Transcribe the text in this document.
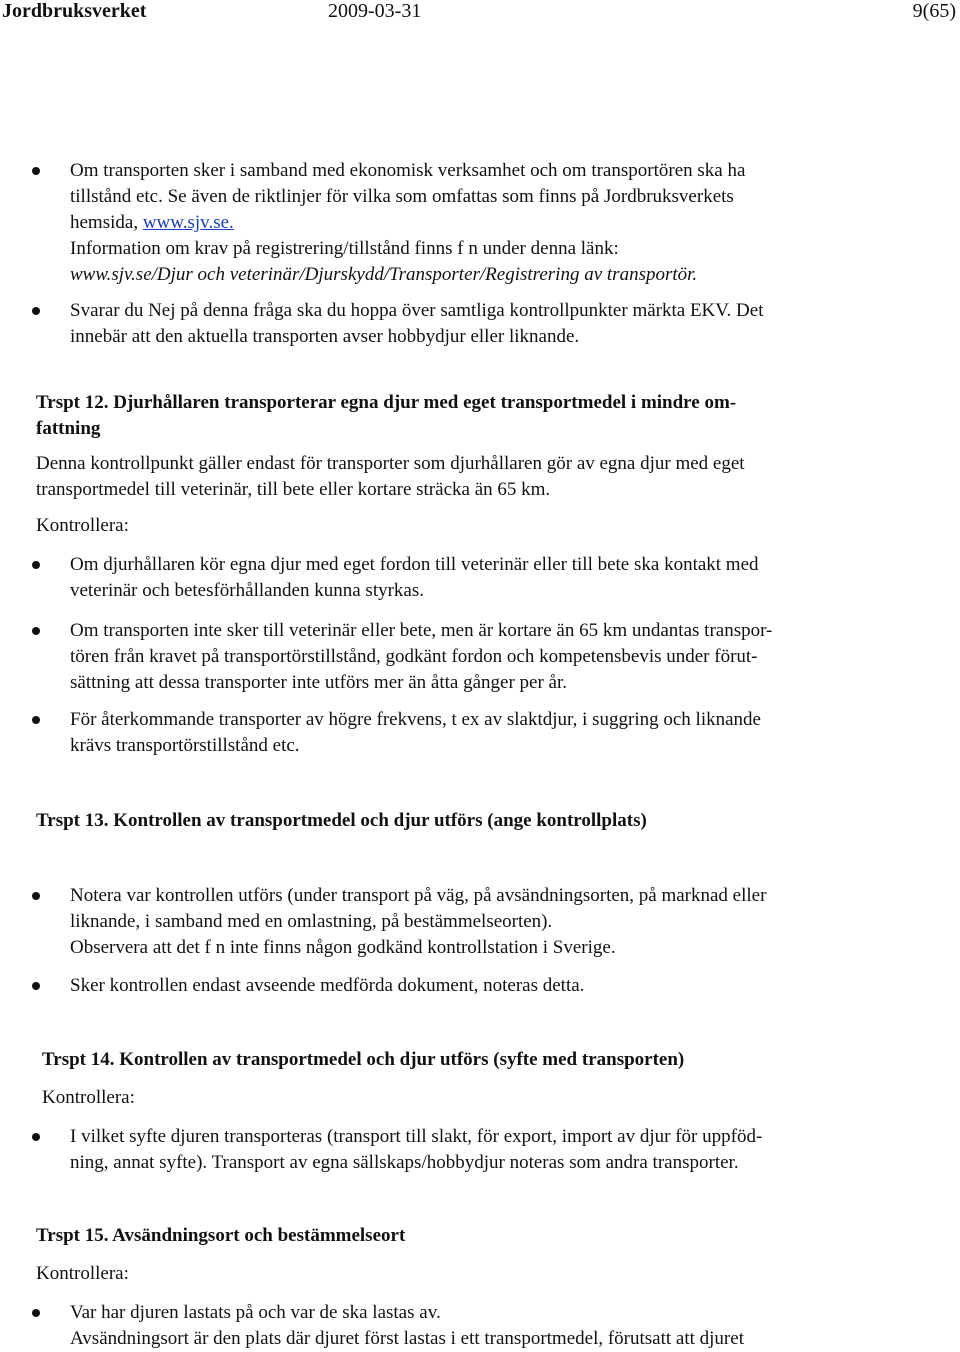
Jordbruksverket	2009-03-31	9(65)
Om transporten sker i samband med ekonomisk verksamhet och om transportören ska ha
tillstånd etc. Se även de riktlinjer för vilka som omfattas som finns på Jordbruksverkets
hemsida, www.sjv.se.
Information om krav på registrering/tillstånd finns f n under denna länk:
www.sjv.se/Djur och veterinär/Djurskydd/Transporter/Registrering av transportör.
Svarar du Nej på denna fråga ska du hoppa över samtliga kontrollpunkter märkta EKV. Det
innebär att den aktuella transporten avser hobbydjur eller liknande.
Trspt 12. Djurhållaren transporterar egna djur med eget transportmedel i mindre om-
fattning
Denna kontrollpunkt gäller endast för transporter som djurhållaren gör av egna djur med eget
transportmedel till veterinär, till bete eller kortare sträcka än 65 km.
Kontrollera:
Om djurhållaren kör egna djur med eget fordon till veterinär eller till bete ska kontakt med
veterinär och betesförhållanden kunna styrkas.
Om transporten inte sker till veterinär eller bete, men är kortare än 65 km undantas transpor-
tören från kravet på transportörstillstånd, godkänt fordon och kompetensbevis under förut-
sättning att dessa transporter inte utförs mer än åtta gånger per år.
För återkommande transporter av högre frekvens, t ex av slaktdjur, i suggring och liknande
krävs transportörstillstånd etc.
Trspt 13. Kontrollen av transportmedel och djur utförs (ange kontrollplats)
Notera var kontrollen utförs (under transport på väg, på avsändningsorten, på marknad eller
liknande, i samband med en omlastning, på bestämmelseorten).
Observera att det f n inte finns någon godkänd kontrollstation i Sverige.
Sker kontrollen endast avseende medförda dokument, noteras detta.
Trspt 14. Kontrollen av transportmedel och djur utförs (syfte med transporten)
Kontrollera:
I vilket syfte djuren transporteras (transport till slakt, för export, import av djur för uppföd-
ning, annat syfte). Transport av egna sällskaps/hobbydjur noteras som andra transporter.
Trspt 15. Avsändningsort och bestämmelseort
Kontrollera:
Var har djuren lastats på och var de ska lastas av.
Avsändningsort är den plats där djuret först lastas i ett transportmedel, förutsatt att djuret
